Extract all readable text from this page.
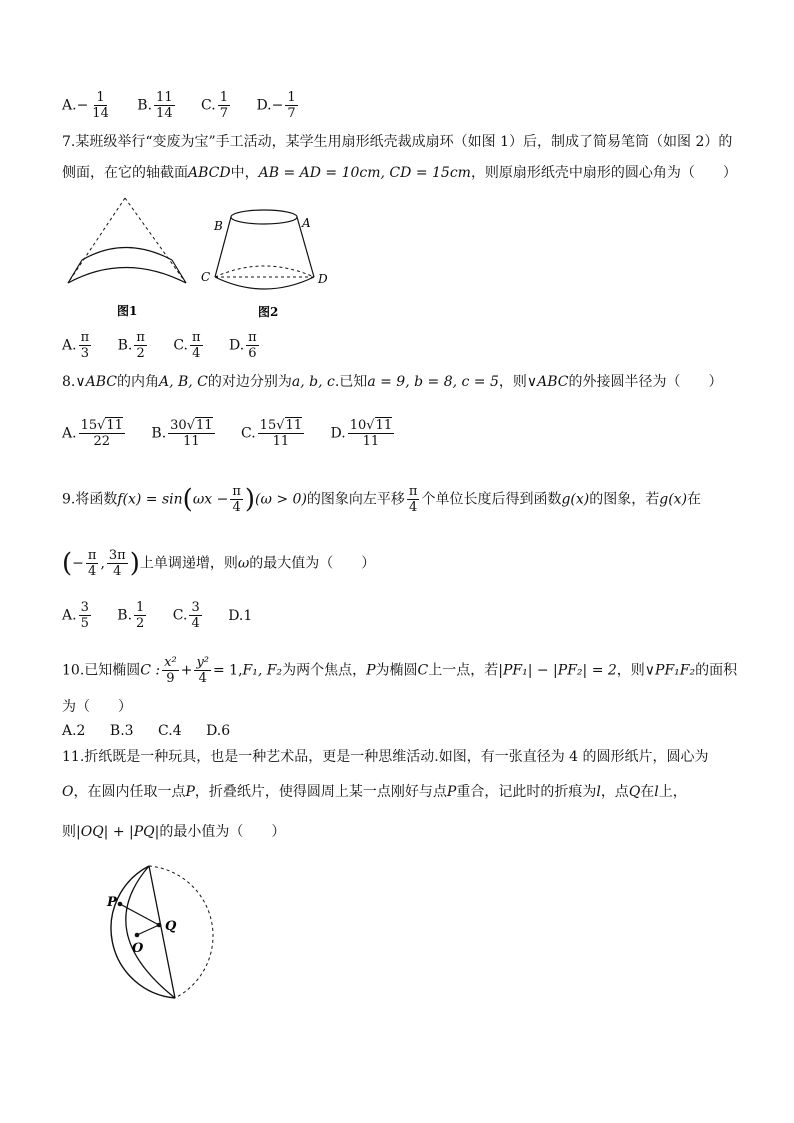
$A.- \frac{1}{14} B$. $\frac{11}{14} C$. $\frac{1}{7} D.- \frac{1}{7}$
7.某班级举行“变废为宝”手工活动，某学生用扇形纸壳裁成扇环（如图 1）后，制成了简易笔筒（如图 2）的
侧面，在它的轴截面ABCD中，AB = AD = 10cm, CD = 15cm，则原扇形纸壳中扇形的圆心角为（　　）
图1
B	A
C	D
图2
A. $\frac{\pi}{3} B$. $\frac{\pi}{2} C$. $\frac{\pi}{4} D$. $\frac{\pi}{6}$
8.∨ABC的内角A, B, C的对边分别为a, b, c.已知a = 9, b = 8, c = 5，则∨ABC的外接圆半径为（　　）
A. $\frac{15√11}{22} B$. $\frac{30√11}{11} C$. $\frac{15√11}{11} D$. $\frac{10√11}{11}$
9.将函数$f(x) = \sin(\omega x - \frac{\pi}{4} )(\omega > 0)$的图象向左平移 $\frac{\pi}{4}$ 个单位长度后得到函数g(x)的图象，若g(x)在
(− $\frac{\pi}{4}$ , $\frac{3\pi}{4}$ )上单调递增，则ω的最大值为（　　）
A. $\frac{3}{5} B$. $\frac{1}{2} C$. $\frac{3}{4} D.1$
10.已知椭圆C : $\frac{\text{x²}}{9} + \frac{\text{y²}}{4} = 1,F_1$, F₂为两个焦点，P为椭圆C上一点，若|PF₁| − |PF₂| = 2，则∨PF₁F₂的面积
为（　　）
A.2 B.3 C.4 D.6
11.折纸既是一种玩具，也是一种艺术品，更是一种思维活动.如图，有一张直径为 4 的圆形纸片，圆心为
O，在圆内任取一点P，折叠纸片，使得圆周上某一点刚好与点P重合，记此时的折痕为l，点Q在l上，
则|OQ| + |PQ|的最小值为（　　）
P
Q
O
